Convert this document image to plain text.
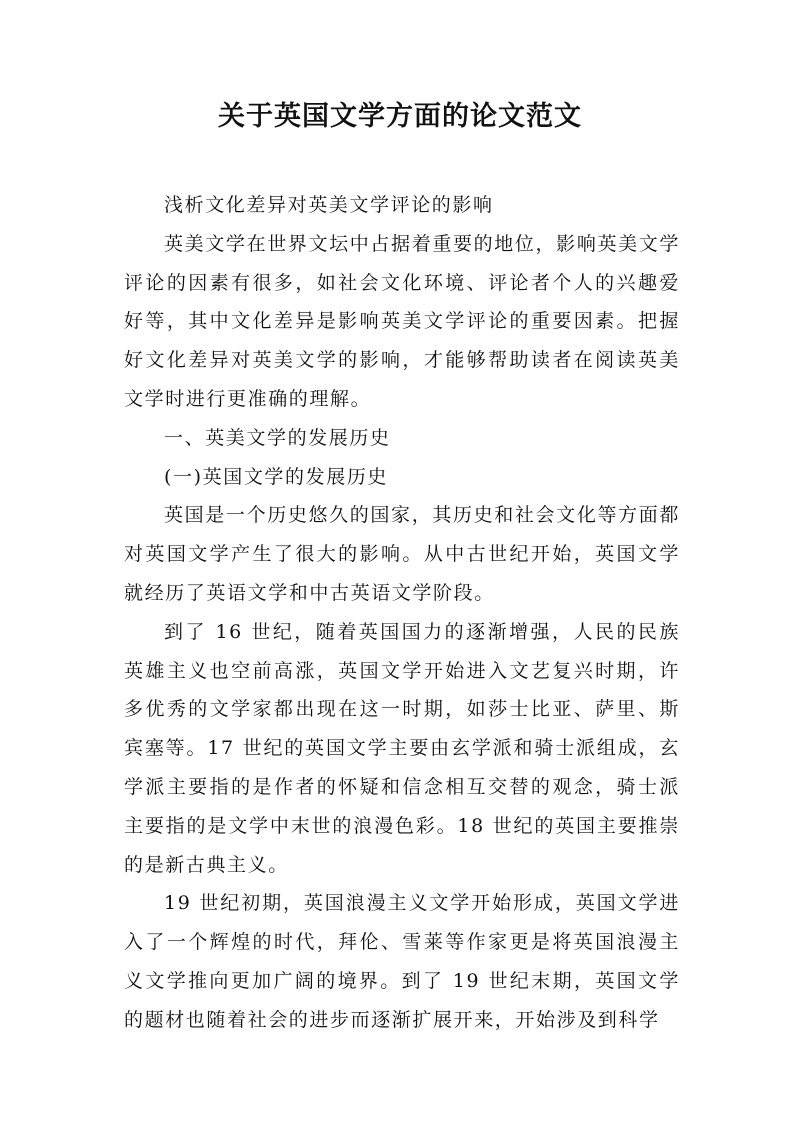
关于英国文学方面的论文范文

浅析文化差异对英美文学评论的影响

英美文学在世界文坛中占据着重要的地位，影响英美文学评论的因素有很多，如社会文化环境、评论者个人的兴趣爱好等，其中文化差异是影响英美文学评论的重要因素。把握好文化差异对英美文学的影响，才能够帮助读者在阅读英美文学时进行更准确的理解。

一、英美文学的发展历史

(一)英国文学的发展历史

英国是一个历史悠久的国家，其历史和社会文化等方面都对英国文学产生了很大的影响。从中古世纪开始，英国文学就经历了英语文学和中古英语文学阶段。

到了 16 世纪，随着英国国力的逐渐增强，人民的民族英雄主义也空前高涨，英国文学开始进入文艺复兴时期，许多优秀的文学家都出现在这一时期，如莎士比亚、萨里、斯宾塞等。17 世纪的英国文学主要由玄学派和骑士派组成，玄学派主要指的是作者的怀疑和信念相互交替的观念，骑士派主要指的是文学中末世的浪漫色彩。18 世纪的英国主要推崇的是新古典主义。

19 世纪初期，英国浪漫主义文学开始形成，英国文学进入了一个辉煌的时代，拜伦、雪莱等作家更是将英国浪漫主义文学推向更加广阔的境界。到了 19 世纪末期，英国文学的题材也随着社会的进步而逐渐扩展开来，开始涉及到科学
